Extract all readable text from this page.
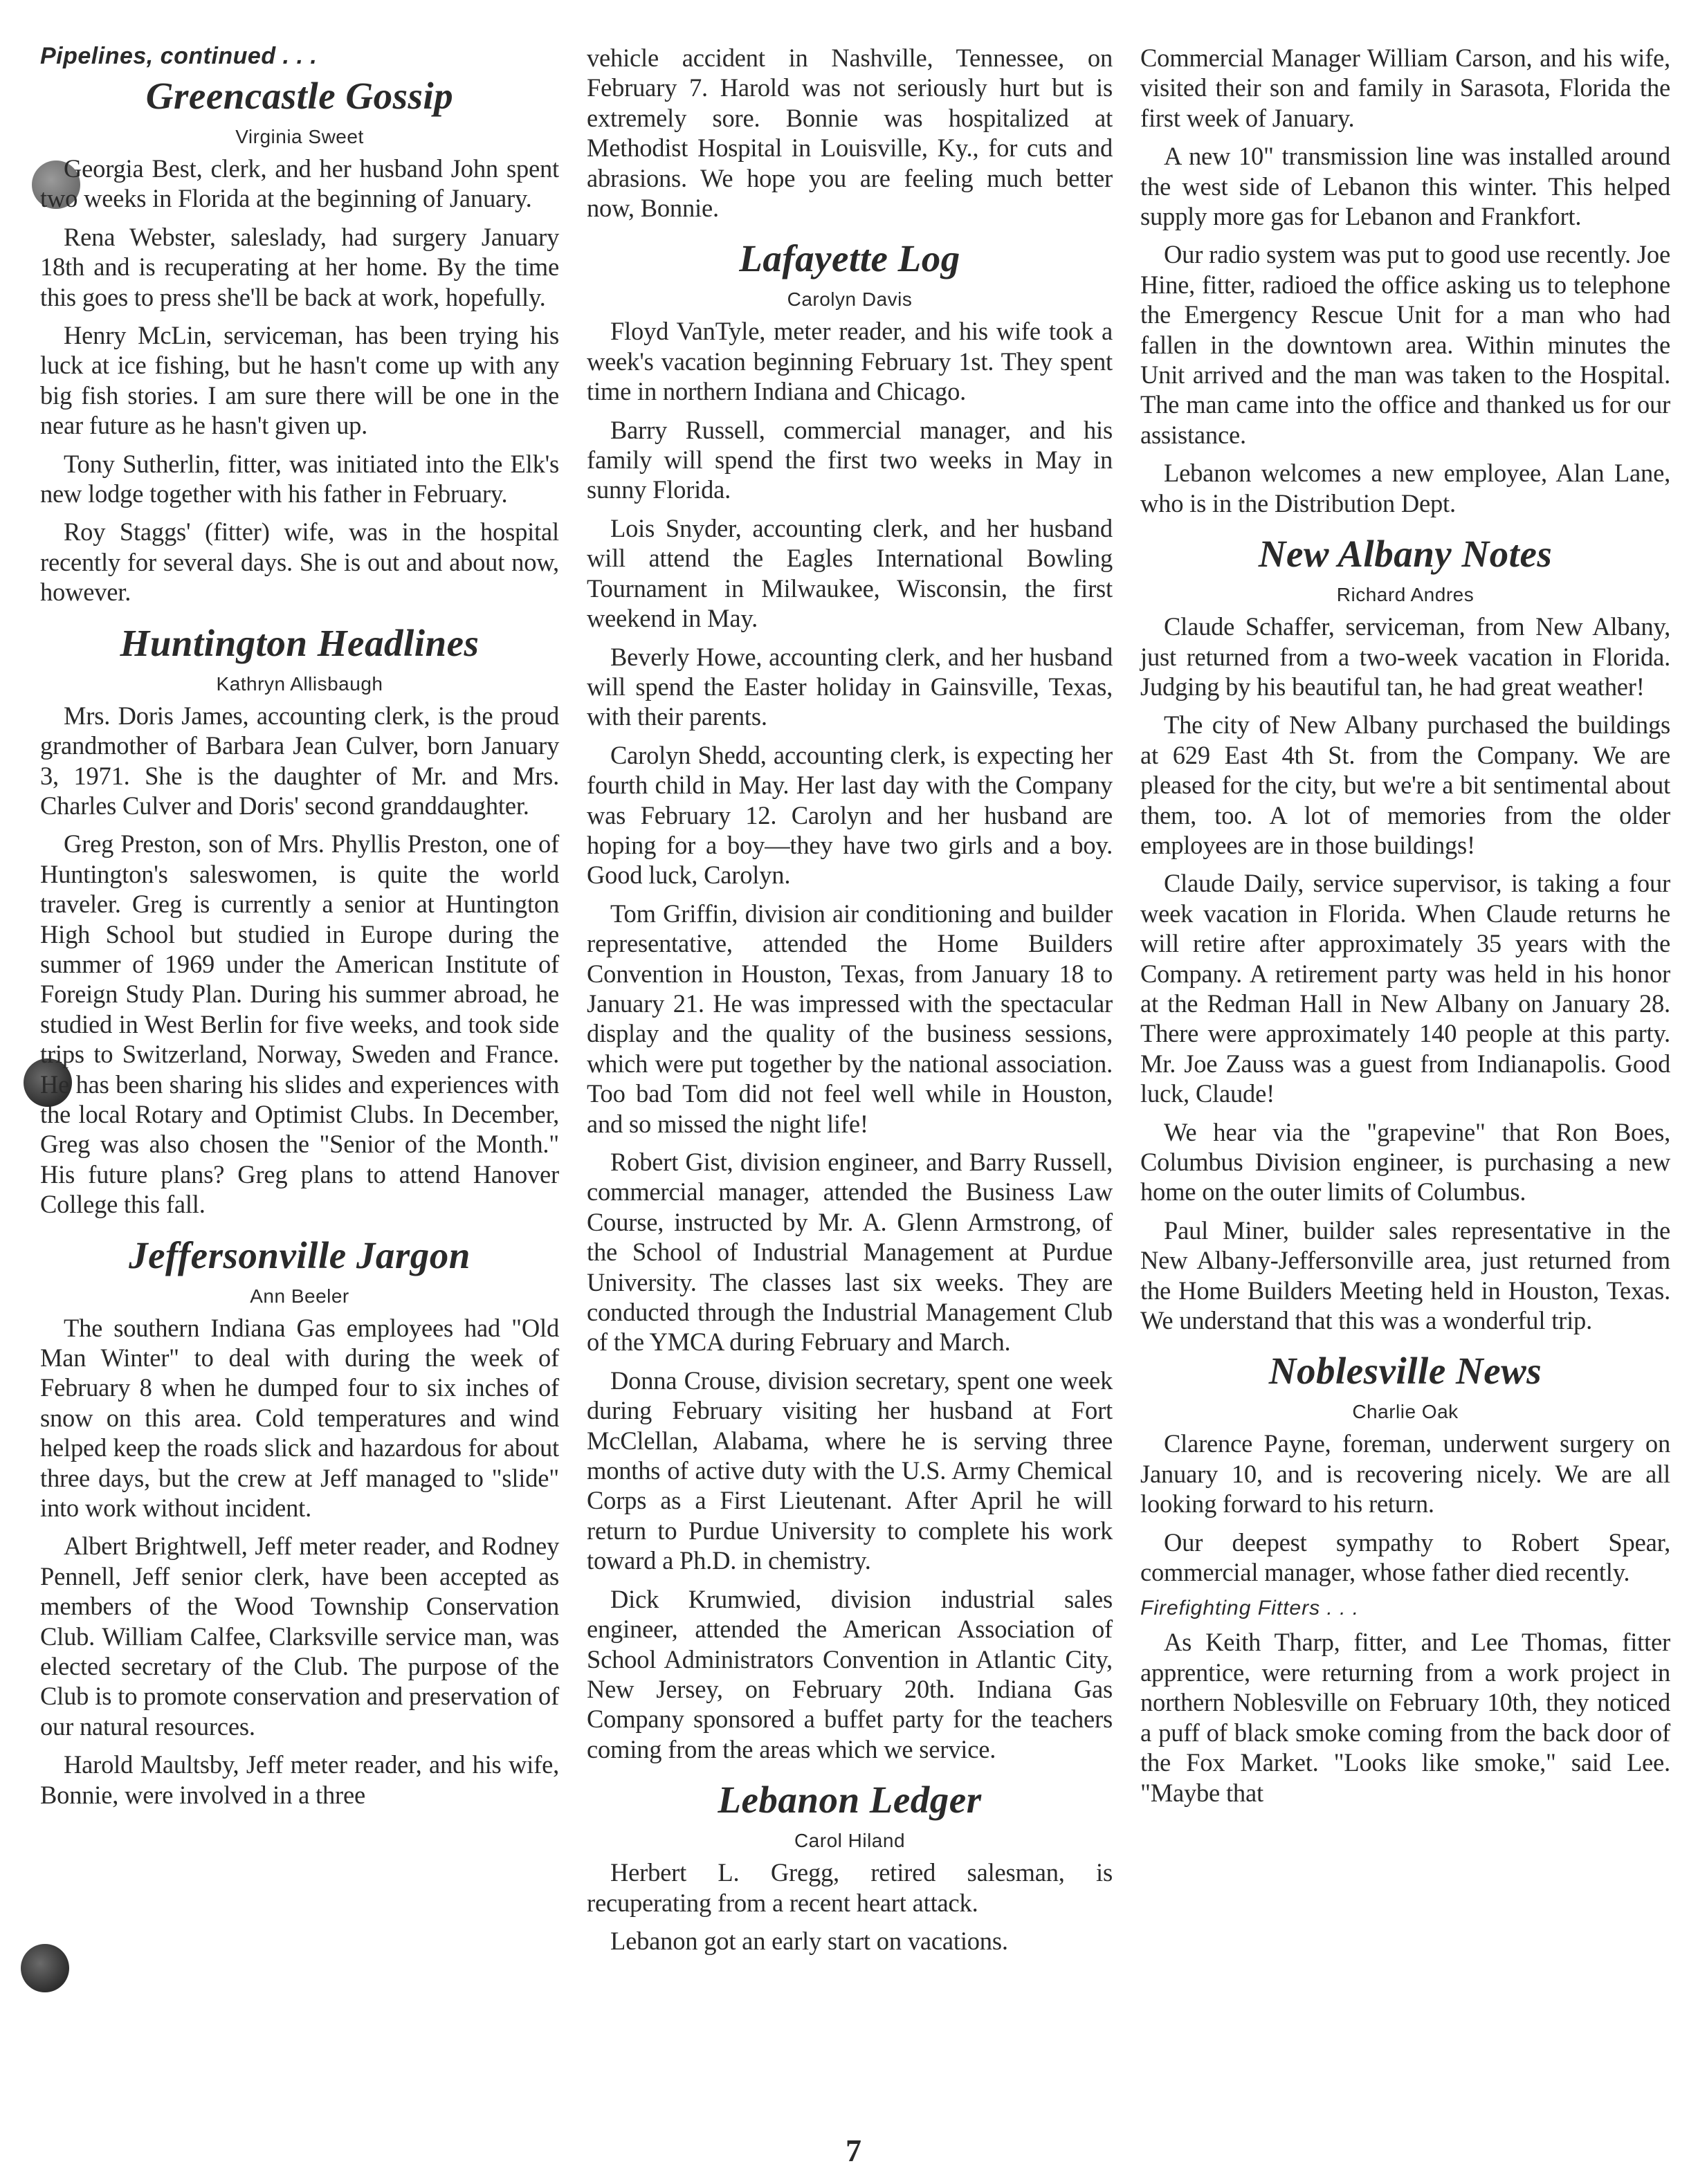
Pipelines, continued . . .
Greencastle Gossip
Virginia Sweet

Georgia Best, clerk, and her husband John spent two weeks in Florida at the beginning of January.

Rena Webster, saleslady, had surgery January 18th and is recuperating at her home. By the time this goes to press she'll be back at work, hopefully.

Henry McLin, serviceman, has been trying his luck at ice fishing, but he hasn't come up with any big fish stories. I am sure there will be one in the near future as he hasn't given up.

Tony Sutherlin, fitter, was initiated into the Elk's new lodge together with his father in February.

Roy Staggs' (fitter) wife, was in the hospital recently for several days. She is out and about now, however.

Huntington Headlines
Kathryn Allisbaugh

Mrs. Doris James, accounting clerk, is the proud grandmother of Barbara Jean Culver, born January 3, 1971. She is the daughter of Mr. and Mrs. Charles Culver and Doris' second granddaughter.

Greg Preston, son of Mrs. Phyllis Preston, one of Huntington's saleswomen, is quite the world traveler. Greg is currently a senior at Huntington High School but studied in Europe during the summer of 1969 under the American Institute of Foreign Study Plan. During his summer abroad, he studied in West Berlin for five weeks, and took side trips to Switzerland, Norway, Sweden and France. He has been sharing his slides and experiences with the local Rotary and Optimist Clubs. In December, Greg was also chosen the "Senior of the Month." His future plans? Greg plans to attend Hanover College this fall.

Jeffersonville Jargon
Ann Beeler

The southern Indiana Gas employees had "Old Man Winter" to deal with during the week of February 8 when he dumped four to six inches of snow on this area. Cold temperatures and wind helped keep the roads slick and hazardous for about three days, but the crew at Jeff managed to "slide" into work without incident.

Albert Brightwell, Jeff meter reader, and Rodney Pennell, Jeff senior clerk, have been accepted as members of the Wood Township Conservation Club. William Calfee, Clarksville service man, was elected secretary of the Club. The purpose of the Club is to promote conservation and preservation of our natural resources.

Harold Maultsby, Jeff meter reader, and his wife, Bonnie, were involved in a three

vehicle accident in Nashville, Tennessee, on February 7. Harold was not seriously hurt but is extremely sore. Bonnie was hospitalized at Methodist Hospital in Louisville, Ky., for cuts and abrasions. We hope you are feeling much better now, Bonnie.

Lafayette Log
Carolyn Davis

Floyd VanTyle, meter reader, and his wife took a week's vacation beginning February 1st. They spent time in northern Indiana and Chicago.

Barry Russell, commercial manager, and his family will spend the first two weeks in May in sunny Florida.

Lois Snyder, accounting clerk, and her husband will attend the Eagles International Bowling Tournament in Milwaukee, Wisconsin, the first weekend in May.

Beverly Howe, accounting clerk, and her husband will spend the Easter holiday in Gainsville, Texas, with their parents.

Carolyn Shedd, accounting clerk, is expecting her fourth child in May. Her last day with the Company was February 12. Carolyn and her husband are hoping for a boy—they have two girls and a boy. Good luck, Carolyn.

Tom Griffin, division air conditioning and builder representative, attended the Home Builders Convention in Houston, Texas, from January 18 to January 21. He was impressed with the spectacular display and the quality of the business sessions, which were put together by the national association. Too bad Tom did not feel well while in Houston, and so missed the night life!

Robert Gist, division engineer, and Barry Russell, commercial manager, attended the Business Law Course, instructed by Mr. A. Glenn Armstrong, of the School of Industrial Management at Purdue University. The classes last six weeks. They are conducted through the Industrial Management Club of the YMCA during February and March.

Donna Crouse, division secretary, spent one week during February visiting her husband at Fort McClellan, Alabama, where he is serving three months of active duty with the U.S. Army Chemical Corps as a First Lieutenant. After April he will return to Purdue University to complete his work toward a Ph.D. in chemistry.

Dick Krumwied, division industrial sales engineer, attended the American Association of School Administrators Convention in Atlantic City, New Jersey, on February 20th. Indiana Gas Company sponsored a buffet party for the teachers coming from the areas which we service.

Lebanon Ledger
Carol Hiland

Herbert L. Gregg, retired salesman, is recuperating from a recent heart attack.

Lebanon got an early start on vacations.

Commercial Manager William Carson, and his wife, visited their son and family in Sarasota, Florida the first week of January.

A new 10" transmission line was installed around the west side of Lebanon this winter. This helped supply more gas for Lebanon and Frankfort.

Our radio system was put to good use recently. Joe Hine, fitter, radioed the office asking us to telephone the Emergency Rescue Unit for a man who had fallen in the downtown area. Within minutes the Unit arrived and the man was taken to the Hospital. The man came into the office and thanked us for our assistance.

Lebanon welcomes a new employee, Alan Lane, who is in the Distribution Dept.

New Albany Notes
Richard Andres

Claude Schaffer, serviceman, from New Albany, just returned from a two-week vacation in Florida. Judging by his beautiful tan, he had great weather!

The city of New Albany purchased the buildings at 629 East 4th St. from the Company. We are pleased for the city, but we're a bit sentimental about them, too. A lot of memories from the older employees are in those buildings!

Claude Daily, service supervisor, is taking a four week vacation in Florida. When Claude returns he will retire after approximately 35 years with the Company. A retirement party was held in his honor at the Redman Hall in New Albany on January 28. There were approximately 140 people at this party. Mr. Joe Zauss was a guest from Indianapolis. Good luck, Claude!

We hear via the "grapevine" that Ron Boes, Columbus Division engineer, is purchasing a new home on the outer limits of Columbus.

Paul Miner, builder sales representative in the New Albany-Jeffersonville area, just returned from the Home Builders Meeting held in Houston, Texas. We understand that this was a wonderful trip.

Noblesville News
Charlie Oak

Clarence Payne, foreman, underwent surgery on January 10, and is recovering nicely. We are all looking forward to his return.

Our deepest sympathy to Robert Spear, commercial manager, whose father died recently.

Firefighting Fitters . . .

As Keith Tharp, fitter, and Lee Thomas, fitter apprentice, were returning from a work project in northern Noblesville on February 10th, they noticed a puff of black smoke coming from the back door of the Fox Market. "Looks like smoke," said Lee. "Maybe that

7
